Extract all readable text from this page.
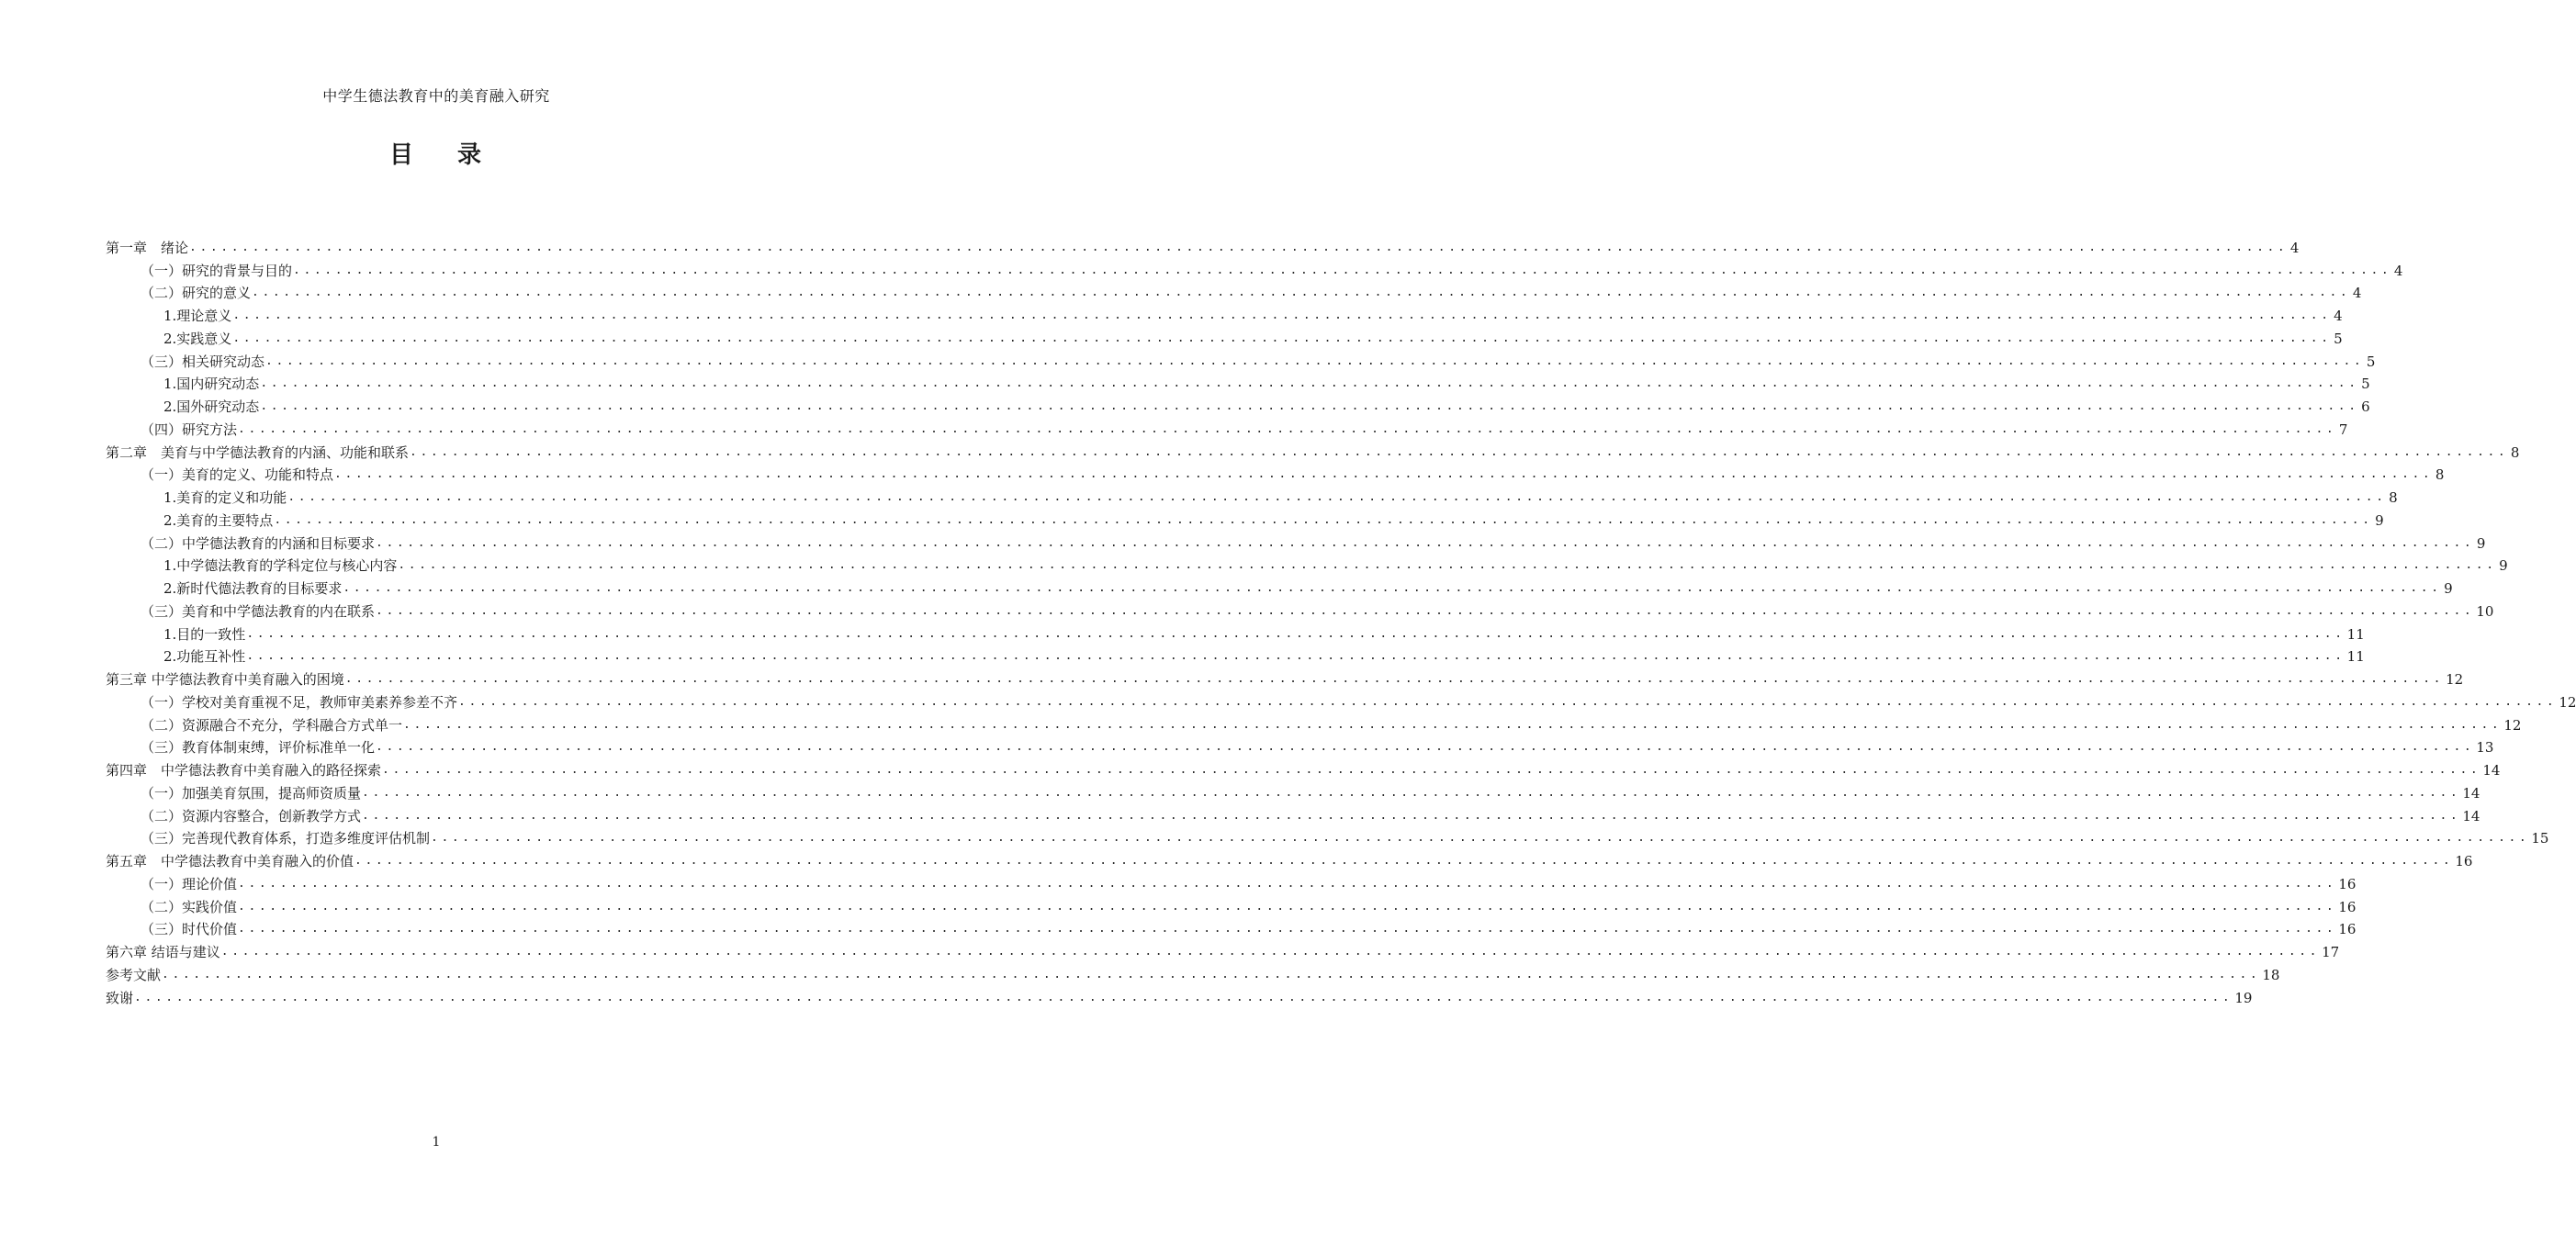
中学生德法教育中的美育融入研究
目 录
第一章　绪论 ........................................................................................................................................................................................................ 4
（一）研究的背景与目的 ........................................................................................................................................................................................................ 4
（二）研究的意义 ........................................................................................................................................................................................................ 4
1.理论意义 ........................................................................................................................................................................................................ 4
2.实践意义 ........................................................................................................................................................................................................ 5
（三）相关研究动态 ........................................................................................................................................................................................................ 5
1.国内研究动态 ........................................................................................................................................................................................................ 5
2.国外研究动态 ........................................................................................................................................................................................................ 6
（四）研究方法 ........................................................................................................................................................................................................ 7
第二章　美育与中学德法教育的内涵、功能和联系 ........................................................................................................................................................................................................ 8
（一）美育的定义、功能和特点 ........................................................................................................................................................................................................ 8
1.美育的定义和功能 ........................................................................................................................................................................................................ 8
2.美育的主要特点 ........................................................................................................................................................................................................ 9
（二）中学德法教育的内涵和目标要求 ........................................................................................................................................................................................................ 9
1.中学德法教育的学科定位与核心内容 ........................................................................................................................................................................................................ 9
2.新时代德法教育的目标要求 ........................................................................................................................................................................................................ 9
（三）美育和中学德法教育的内在联系 ........................................................................................................................................................................................................ 10
1.目的一致性 ........................................................................................................................................................................................................ 11
2.功能互补性 ........................................................................................................................................................................................................ 11
第三章 中学德法教育中美育融入的困境 ........................................................................................................................................................................................................ 12
（一）学校对美育重视不足，教师审美素养参差不齐 ........................................................................................................................................................................................................ 12
（二）资源融合不充分，学科融合方式单一 ........................................................................................................................................................................................................ 12
（三）教育体制束缚，评价标准单一化 ........................................................................................................................................................................................................ 13
第四章　中学德法教育中美育融入的路径探索 ........................................................................................................................................................................................................ 14
（一）加强美育氛围，提高师资质量 ........................................................................................................................................................................................................ 14
（二）资源内容整合，创新教学方式 ........................................................................................................................................................................................................ 14
（三）完善现代教育体系，打造多维度评估机制 ........................................................................................................................................................................................................ 15
第五章　中学德法教育中美育融入的价值 ........................................................................................................................................................................................................ 16
（一）理论价值 ........................................................................................................................................................................................................ 16
（二）实践价值 ........................................................................................................................................................................................................ 16
（三）时代价值 ........................................................................................................................................................................................................ 16
第六章 结语与建议 ........................................................................................................................................................................................................ 17
参考文献 ........................................................................................................................................................................................................ 18
致谢 ........................................................................................................................................................................................................ 19
1
